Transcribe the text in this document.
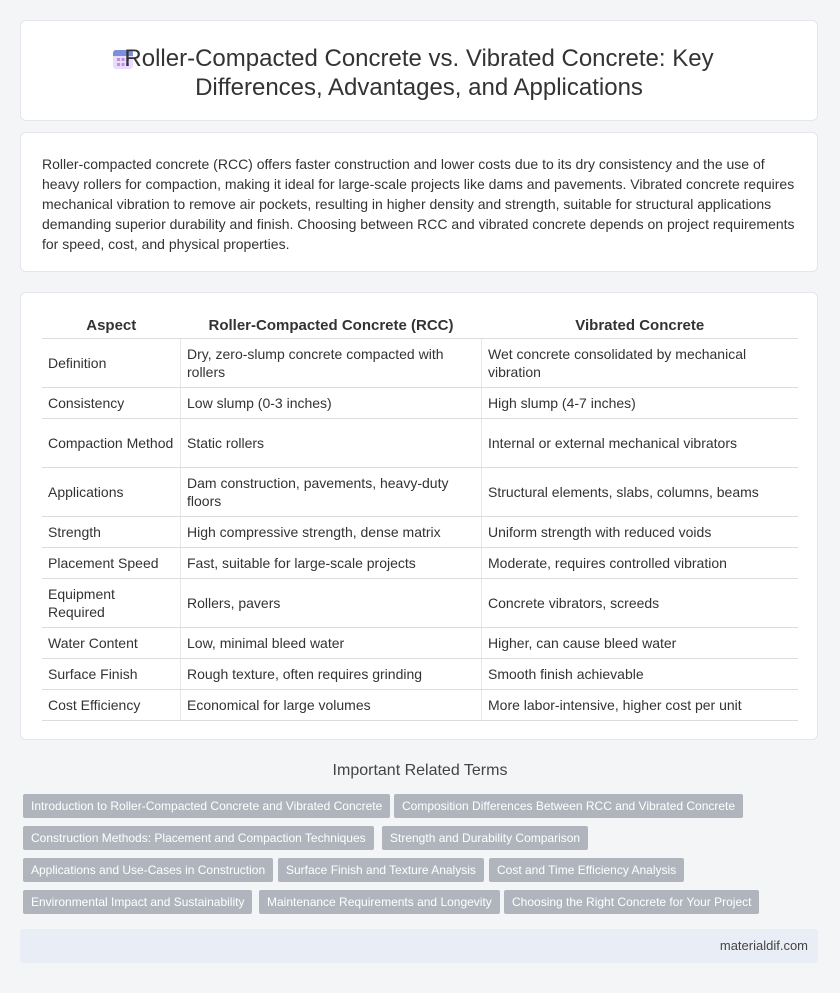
Roller-Compacted Concrete vs. Vibrated Concrete: Key
Differences, Advantages, and Applications
Roller-compacted concrete (RCC) offers faster construction and lower costs due to its dry consistency and the use of heavy rollers for compaction, making it ideal for large-scale projects like dams and pavements. Vibrated concrete requires mechanical vibration to remove air pockets, resulting in higher density and strength, suitable for structural applications demanding superior durability and finish. Choosing between RCC and vibrated concrete depends on project requirements for speed, cost, and physical properties.
Aspect	Roller-Compacted Concrete (RCC)	Vibrated Concrete
Definition	Dry, zero-slump concrete compacted with rollers	Wet concrete consolidated by mechanical vibration
Consistency	Low slump (0-3 inches)	High slump (4-7 inches)
Compaction Method	Static rollers	Internal or external mechanical vibrators
Applications	Dam construction, pavements, heavy-duty floors	Structural elements, slabs, columns, beams
Strength	High compressive strength, dense matrix	Uniform strength with reduced voids
Placement Speed	Fast, suitable for large-scale projects	Moderate, requires controlled vibration
Equipment Required	Rollers, pavers	Concrete vibrators, screeds
Water Content	Low, minimal bleed water	Higher, can cause bleed water
Surface Finish	Rough texture, often requires grinding	Smooth finish achievable
Cost Efficiency	Economical for large volumes	More labor-intensive, higher cost per unit
Important Related Terms
Introduction to Roller-Compacted Concrete and Vibrated Concrete	Composition Differences Between RCC and Vibrated Concrete
Construction Methods: Placement and Compaction Techniques	Strength and Durability Comparison
Applications and Use-Cases in Construction	Surface Finish and Texture Analysis	Cost and Time Efficiency Analysis
Environmental Impact and Sustainability	Maintenance Requirements and Longevity	Choosing the Right Concrete for Your Project
materialdif.com
